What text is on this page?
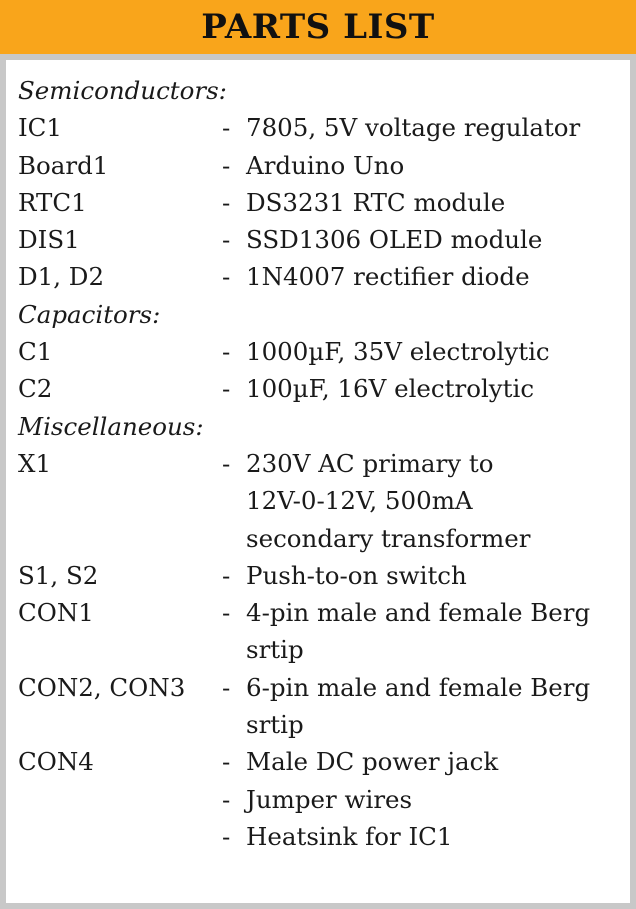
PARTS LIST
Semiconductors:
IC1	- 7805, 5V voltage regulator
Board1	- Arduino Uno
RTC1	- DS3231 RTC module
DIS1	- SSD1306 OLED module
D1, D2	- 1N4007 rectifier diode
Capacitors:
C1	- 1000µF, 35V electrolytic
C2	- 100µF, 16V electrolytic
Miscellaneous:
X1	- 230V AC primary to
12V-0-12V, 500mA
secondary transformer
S1, S2	- Push-to-on switch
CON1	- 4-pin male and female Berg
srtip
CON2, CON3	- 6-pin male and female Berg
srtip
CON4	- Male DC power jack
- Jumper wires
- Heatsink for IC1
